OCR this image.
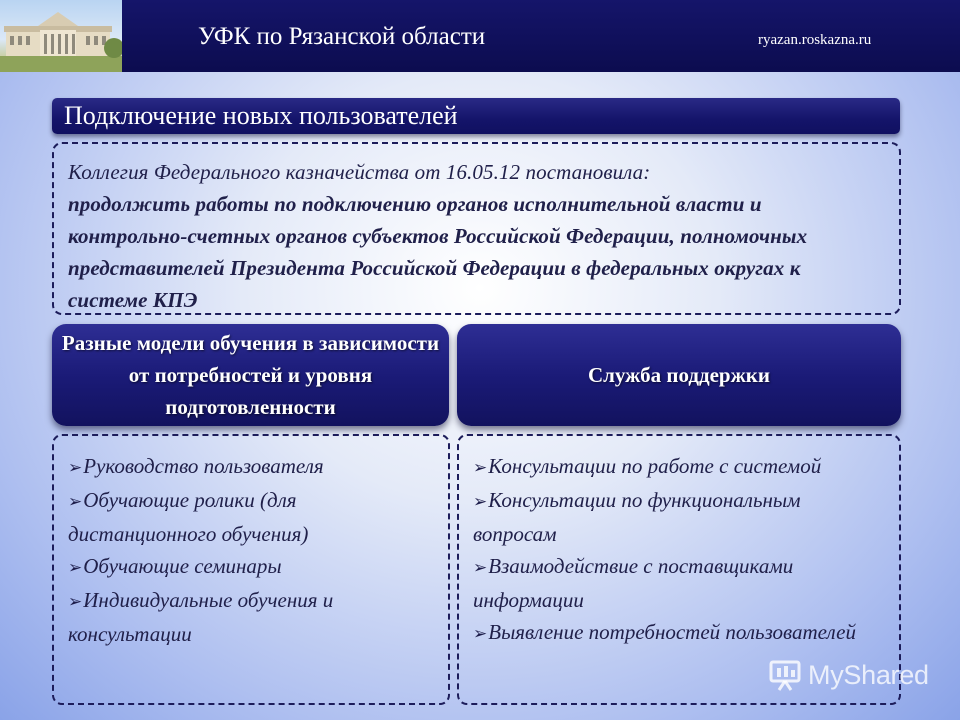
УФК по Рязанской области	ryazan.roskazna.ru
Подключение новых пользователей
Коллегия Федерального казначейства от 16.05.12 постановила:
продолжить работы по подключению органов исполнительной власти и контрольно-счетных органов субъектов Российской Федерации, полномочных представителей Президента Российской Федерации в федеральных округах к системе КПЭ
Разные модели обучения в зависимости от потребностей и уровня подготовленности
Служба поддержки
➢Руководство пользователя
➢Обучающие ролики (для дистанционного обучения)
➢Обучающие семинары
➢Индивидуальные обучения и консультации
➢Консультации по работе с системой
➢Консультации по функциональным вопросам
➢Взаимодействие с поставщиками информации
➢Выявление потребностей пользователей
MyShared
